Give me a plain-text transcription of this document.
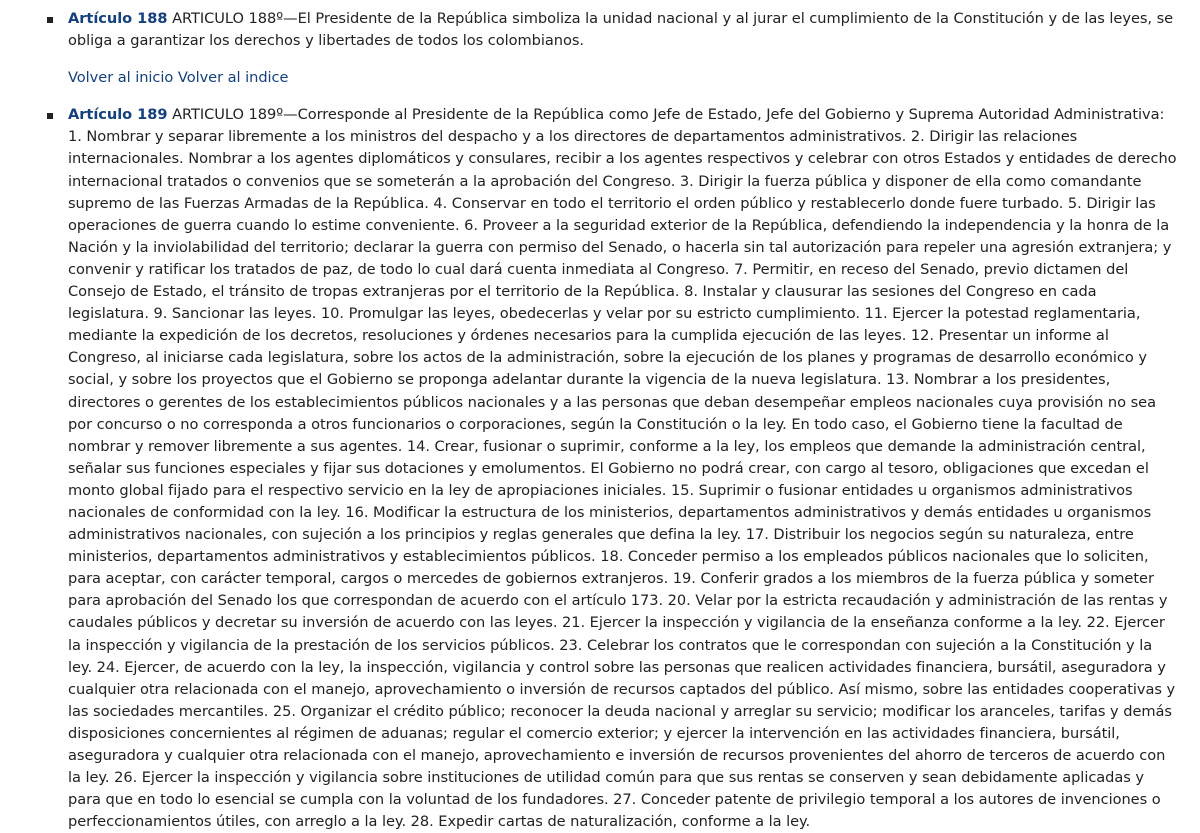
Artículo 188 ARTICULO 188º—El Presidente de la República simboliza la unidad nacional y al jurar el cumplimiento de la Constitución y de las leyes, se obliga a garantizar los derechos y libertades de todos los colombianos.
Volver al inicio Volver al indice
Artículo 189 ARTICULO 189º—Corresponde al Presidente de la República como Jefe de Estado, Jefe del Gobierno y Suprema Autoridad Administrativa: 1. Nombrar y separar libremente a los ministros del despacho y a los directores de departamentos administrativos. 2. Dirigir las relaciones internacionales. Nombrar a los agentes diplomáticos y consulares, recibir a los agentes respectivos y celebrar con otros Estados y entidades de derecho internacional tratados o convenios que se someterán a la aprobación del Congreso. 3. Dirigir la fuerza pública y disponer de ella como comandante supremo de las Fuerzas Armadas de la República. 4. Conservar en todo el territorio el orden público y restablecerlo donde fuere turbado. 5. Dirigir las operaciones de guerra cuando lo estime conveniente. 6. Proveer a la seguridad exterior de la República, defendiendo la independencia y la honra de la Nación y la inviolabilidad del territorio; declarar la guerra con permiso del Senado, o hacerla sin tal autorización para repeler una agresión extranjera; y convenir y ratificar los tratados de paz, de todo lo cual dará cuenta inmediata al Congreso. 7. Permitir, en receso del Senado, previo dictamen del Consejo de Estado, el tránsito de tropas extranjeras por el territorio de la República. 8. Instalar y clausurar las sesiones del Congreso en cada legislatura. 9. Sancionar las leyes. 10. Promulgar las leyes, obedecerlas y velar por su estricto cumplimiento. 11. Ejercer la potestad reglamentaria, mediante la expedición de los decretos, resoluciones y órdenes necesarios para la cumplida ejecución de las leyes. 12. Presentar un informe al Congreso, al iniciarse cada legislatura, sobre los actos de la administración, sobre la ejecución de los planes y programas de desarrollo económico y social, y sobre los proyectos que el Gobierno se proponga adelantar durante la vigencia de la nueva legislatura. 13. Nombrar a los presidentes, directores o gerentes de los establecimientos públicos nacionales y a las personas que deban desempeñar empleos nacionales cuya provisión no sea por concurso o no corresponda a otros funcionarios o corporaciones, según la Constitución o la ley. En todo caso, el Gobierno tiene la facultad de nombrar y remover libremente a sus agentes. 14. Crear, fusionar o suprimir, conforme a la ley, los empleos que demande la administración central, señalar sus funciones especiales y fijar sus dotaciones y emolumentos. El Gobierno no podrá crear, con cargo al tesoro, obligaciones que excedan el monto global fijado para el respectivo servicio en la ley de apropiaciones iniciales. 15. Suprimir o fusionar entidades u organismos administrativos nacionales de conformidad con la ley. 16. Modificar la estructura de los ministerios, departamentos administrativos y demás entidades u organismos administrativos nacionales, con sujeción a los principios y reglas generales que defina la ley. 17. Distribuir los negocios según su naturaleza, entre ministerios, departamentos administrativos y establecimientos públicos. 18. Conceder permiso a los empleados públicos nacionales que lo soliciten, para aceptar, con carácter temporal, cargos o mercedes de gobiernos extranjeros. 19. Conferir grados a los miembros de la fuerza pública y someter para aprobación del Senado los que correspondan de acuerdo con el artículo 173. 20. Velar por la estricta recaudación y administración de las rentas y caudales públicos y decretar su inversión de acuerdo con las leyes. 21. Ejercer la inspección y vigilancia de la enseñanza conforme a la ley. 22. Ejercer la inspección y vigilancia de la prestación de los servicios públicos. 23. Celebrar los contratos que le correspondan con sujeción a la Constitución y la ley. 24. Ejercer, de acuerdo con la ley, la inspección, vigilancia y control sobre las personas que realicen actividades financiera, bursátil, aseguradora y cualquier otra relacionada con el manejo, aprovechamiento o inversión de recursos captados del público. Así mismo, sobre las entidades cooperativas y las sociedades mercantiles. 25. Organizar el crédito público; reconocer la deuda nacional y arreglar su servicio; modificar los aranceles, tarifas y demás disposiciones concernientes al régimen de aduanas; regular el comercio exterior; y ejercer la intervención en las actividades financiera, bursátil, aseguradora y cualquier otra relacionada con el manejo, aprovechamiento e inversión de recursos provenientes del ahorro de terceros de acuerdo con la ley. 26. Ejercer la inspección y vigilancia sobre instituciones de utilidad común para que sus rentas se conserven y sean debidamente aplicadas y para que en todo lo esencial se cumpla con la voluntad de los fundadores. 27. Conceder patente de privilegio temporal a los autores de invenciones o perfeccionamientos útiles, con arreglo a la ley. 28. Expedir cartas de naturalización, conforme a la ley.
